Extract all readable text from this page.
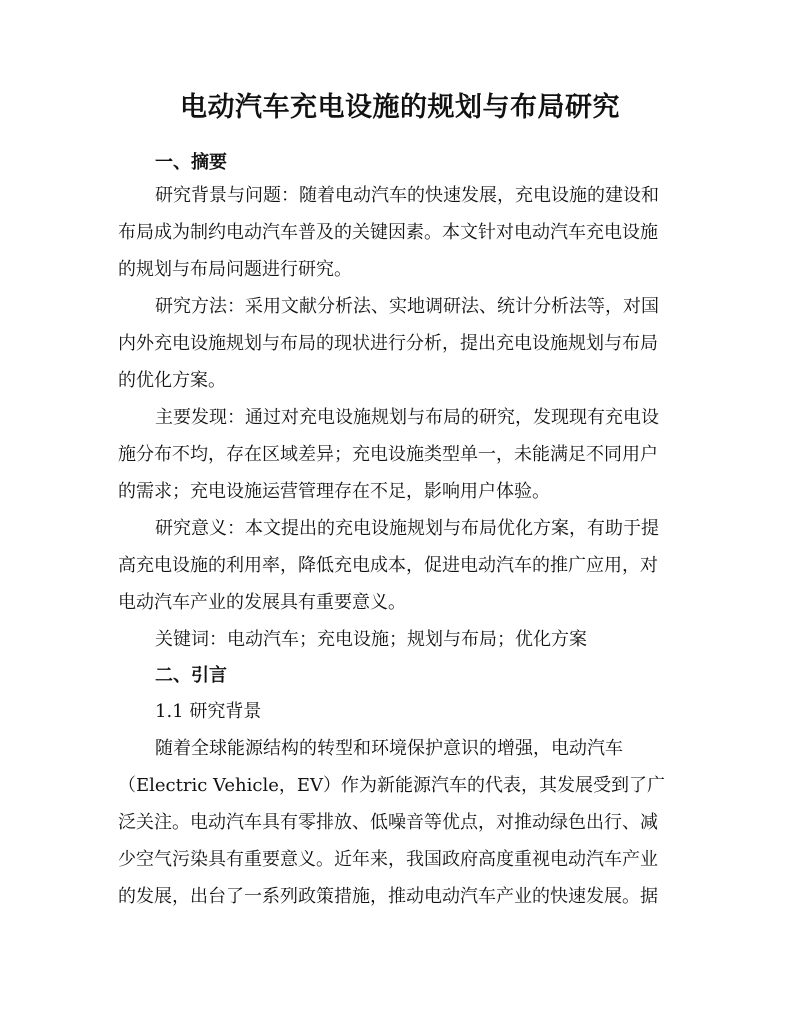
电动汽车充电设施的规划与布局研究
一、摘要
研究背景与问题：随着电动汽车的快速发展，充电设施的建设和
布局成为制约电动汽车普及的关键因素。本文针对电动汽车充电设施
的规划与布局问题进行研究。
研究方法：采用文献分析法、实地调研法、统计分析法等，对国
内外充电设施规划与布局的现状进行分析，提出充电设施规划与布局
的优化方案。
主要发现：通过对充电设施规划与布局的研究，发现现有充电设
施分布不均，存在区域差异；充电设施类型单一，未能满足不同用户
的需求；充电设施运营管理存在不足，影响用户体验。
研究意义：本文提出的充电设施规划与布局优化方案，有助于提
高充电设施的利用率，降低充电成本，促进电动汽车的推广应用，对
电动汽车产业的发展具有重要意义。
关键词：电动汽车；充电设施；规划与布局；优化方案
二、引言
1.1 研究背景
随着全球能源结构的转型和环境保护意识的增强，电动汽车
（Electric Vehicle，EV）作为新能源汽车的代表，其发展受到了广
泛关注。电动汽车具有零排放、低噪音等优点，对推动绿色出行、减
少空气污染具有重要意义。近年来，我国政府高度重视电动汽车产业
的发展，出台了一系列政策措施，推动电动汽车产业的快速发展。据
